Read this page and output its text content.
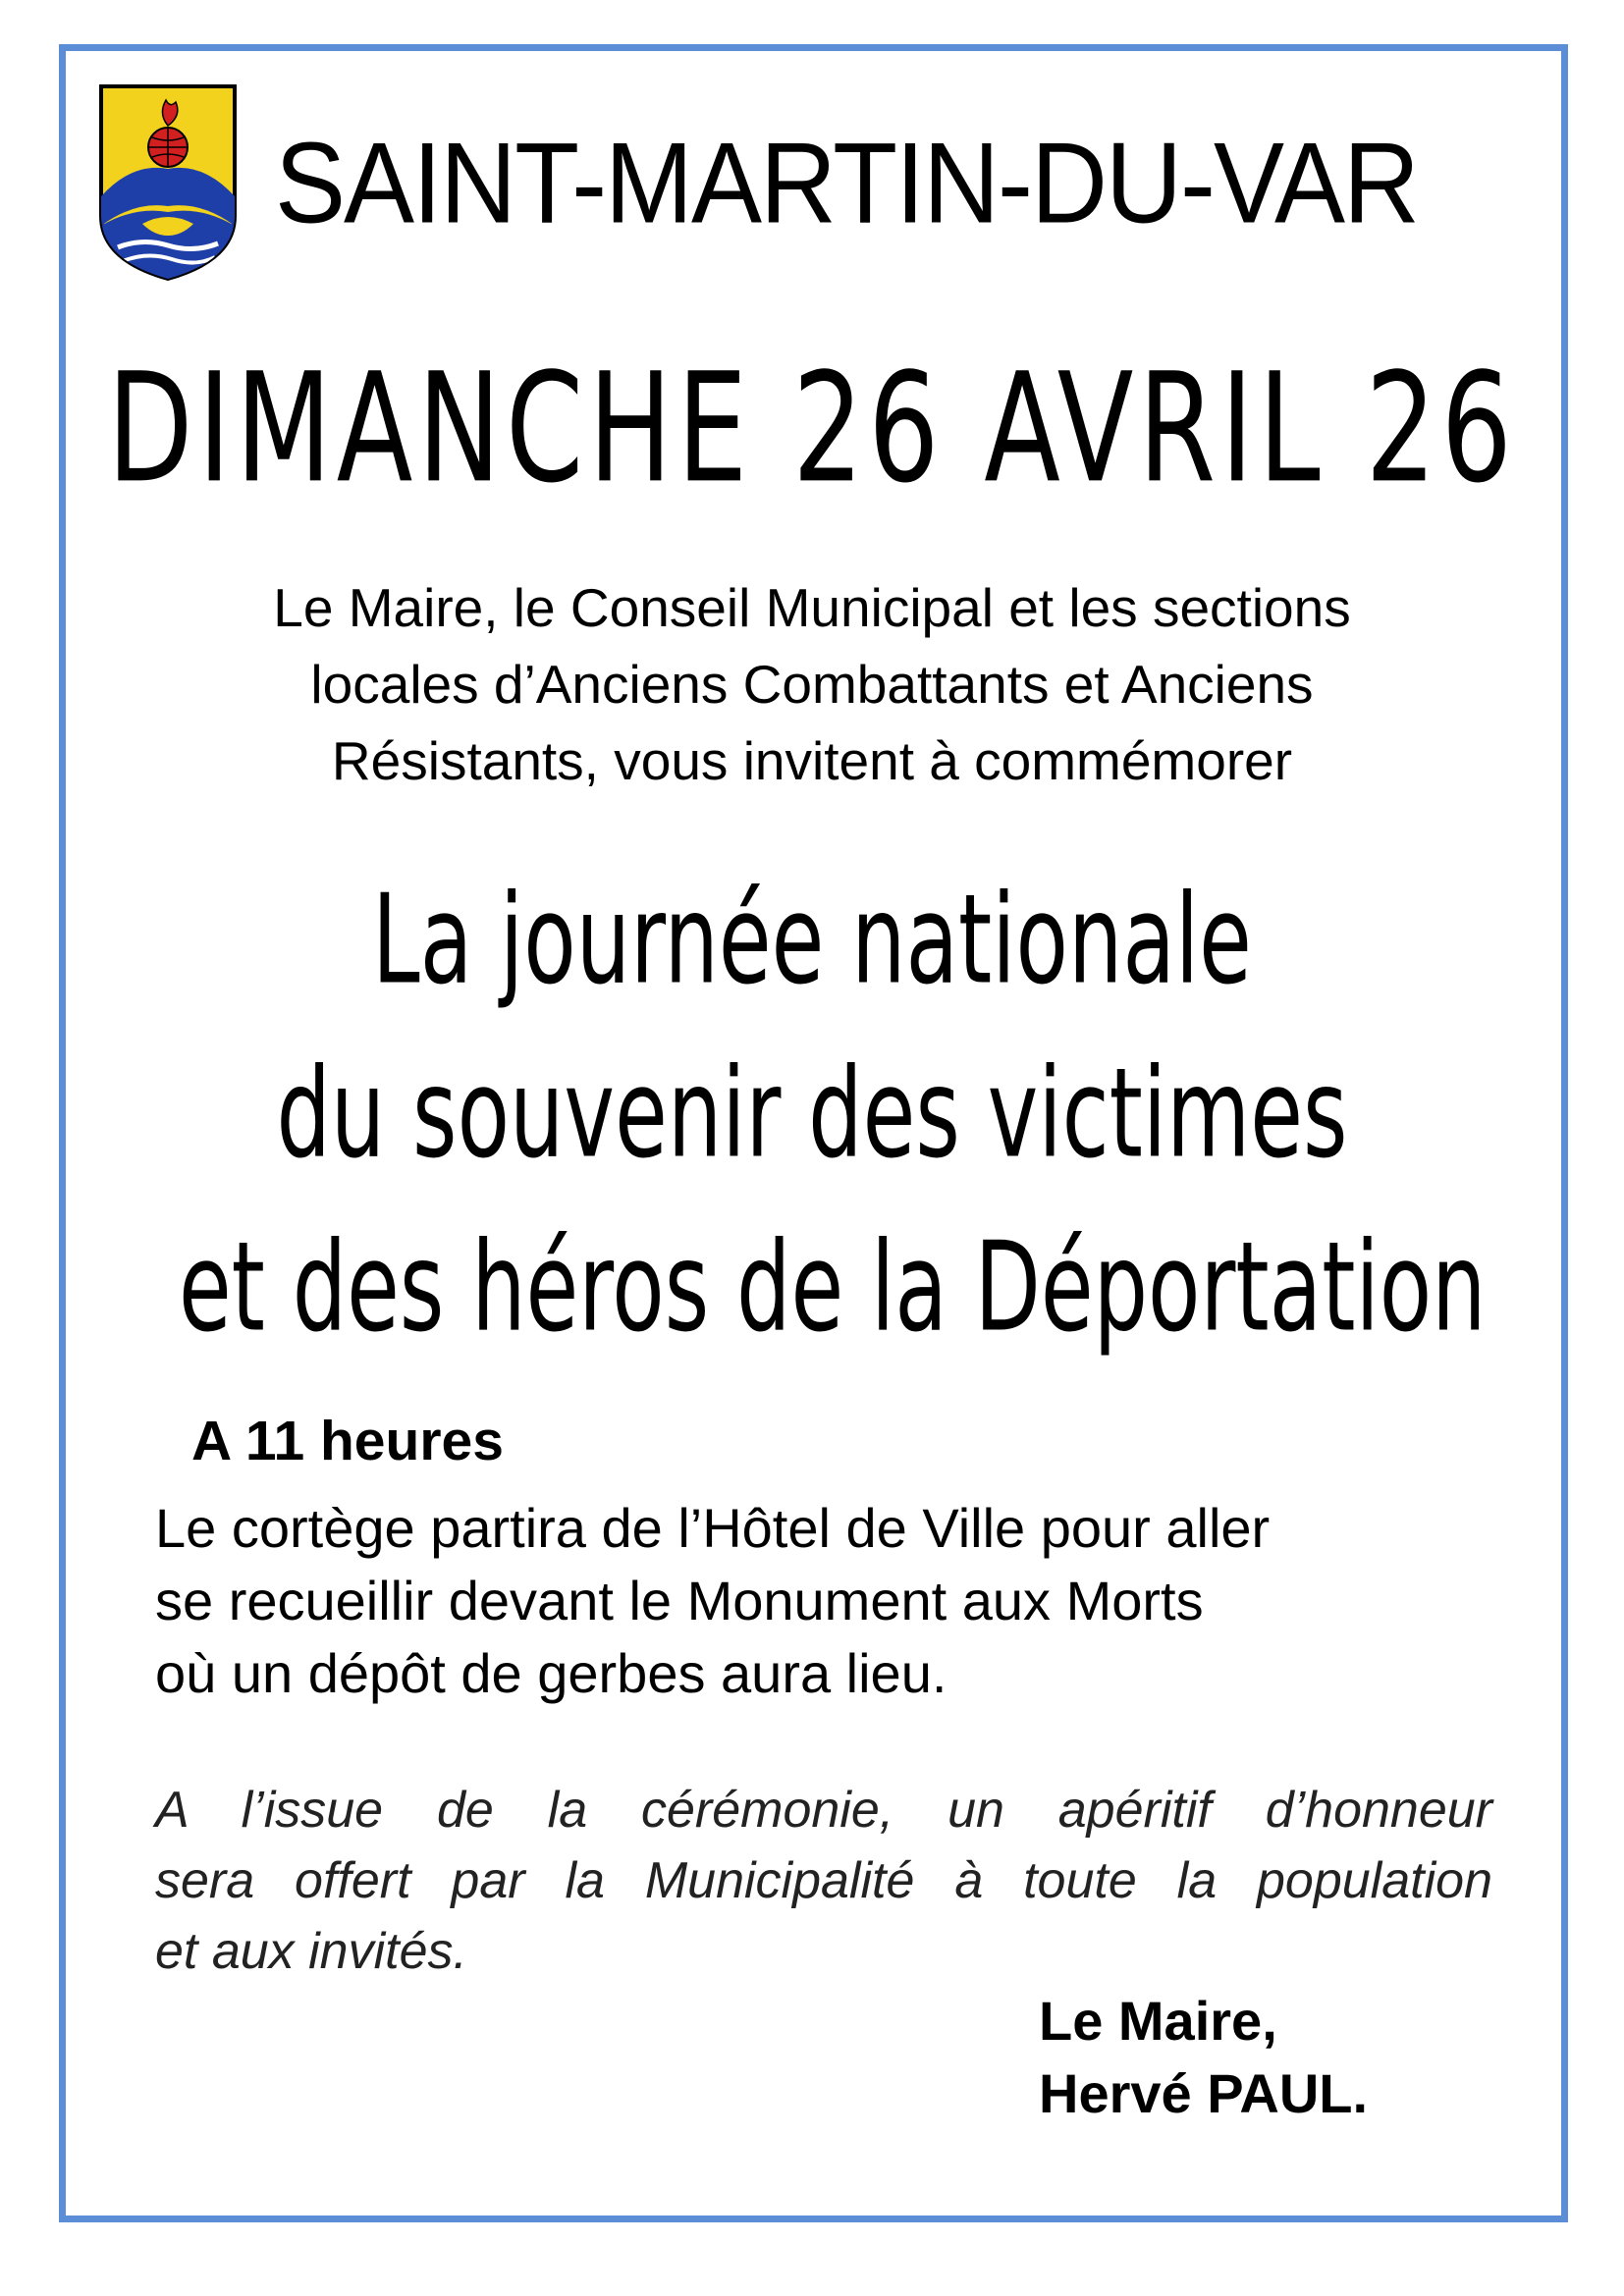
SAINT-MARTIN-DU-VAR
DIMANCHE 26 AVRIL 26
Le Maire, le Conseil Municipal et les sections
locales d’Anciens Combattants et Anciens
Résistants, vous invitent à commémorer
La journée nationale
du souvenir des victimes
et des héros de la Déportation
A 11 heures
Le cortège partira de l’Hôtel de Ville pour aller
se recueillir devant le Monument aux Morts
où un dépôt de gerbes aura lieu.
A l’issue de la cérémonie, un apéritif d’honneur
sera offert par la Municipalité à toute la population
et aux invités.
Le Maire,
Hervé PAUL.
